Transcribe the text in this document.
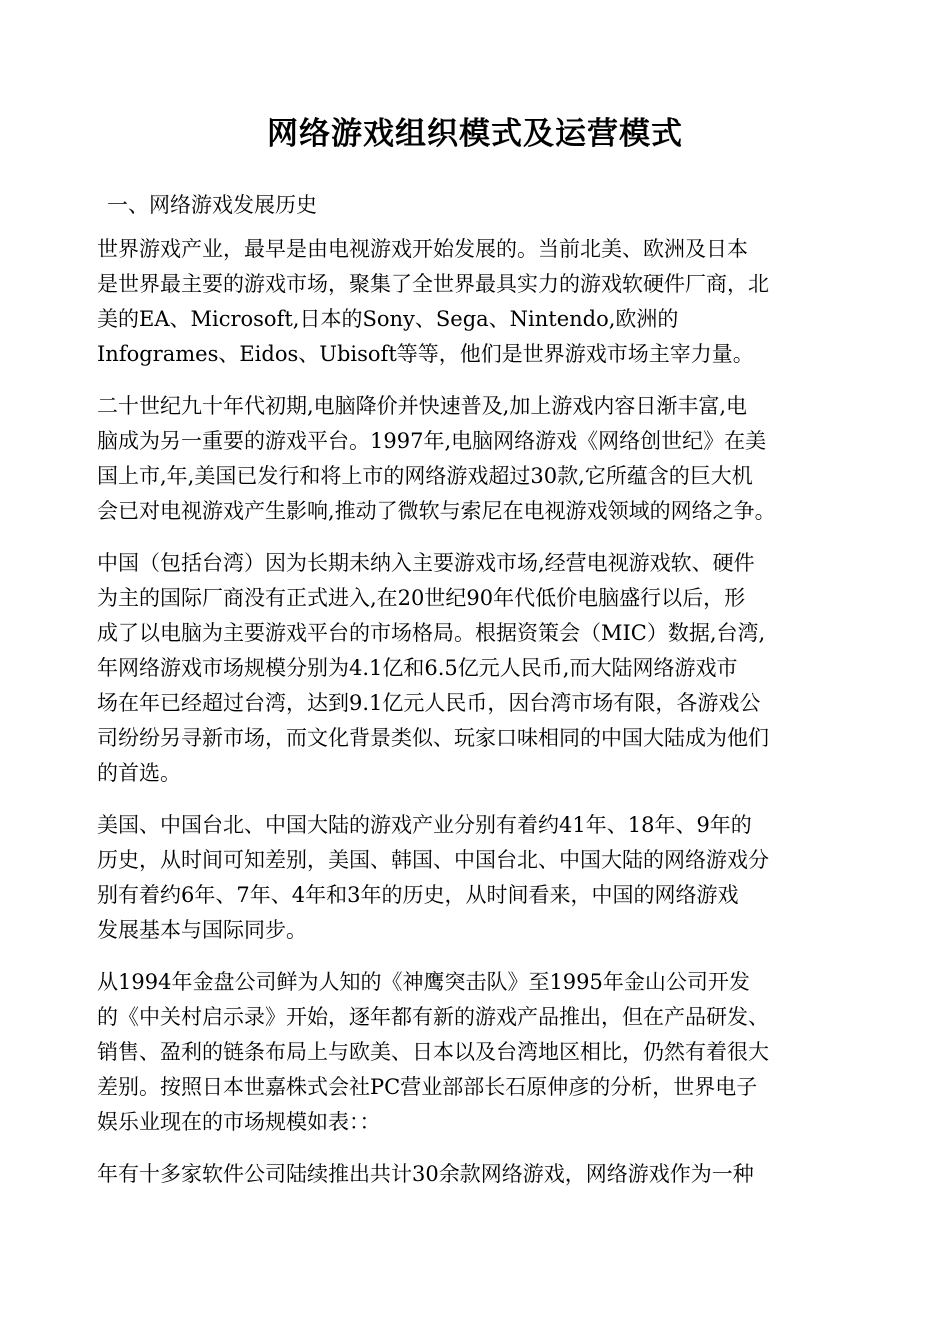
网络游戏组织模式及运营模式
一、网络游戏发展历史
世界游戏产业，最早是由电视游戏开始发展的。当前北美、欧洲及日本
是世界最主要的游戏市场，聚集了全世界最具实力的游戏软硬件厂商，北
美的EA、Microsoft,日本的Sony、Sega、Nintendo,欧洲的
Infogrames、Eidos、Ubisoft等等，他们是世界游戏市场主宰力量。
二十世纪九十年代初期,电脑降价并快速普及,加上游戏内容日渐丰富,电
脑成为另一重要的游戏平台。1997年,电脑网络游戏《网络创世纪》在美
国上市,年,美国已发行和将上市的网络游戏超过30款,它所蕴含的巨大机
会已对电视游戏产生影响,推动了微软与索尼在电视游戏领域的网络之争。
中国（包括台湾）因为长期未纳入主要游戏市场,经营电视游戏软、硬件
为主的国际厂商没有正式进入,在20世纪90年代低价电脑盛行以后，形
成了以电脑为主要游戏平台的市场格局。根据资策会（MIC）数据,台湾,
年网络游戏市场规模分别为4.1亿和6.5亿元人民币,而大陆网络游戏市
场在年已经超过台湾，达到9.1亿元人民币，因台湾市场有限，各游戏公
司纷纷另寻新市场，而文化背景类似、玩家口味相同的中国大陆成为他们
的首选。
美国、中国台北、中国大陆的游戏产业分别有着约41年、18年、9年的
历史，从时间可知差别，美国、韩国、中国台北、中国大陆的网络游戏分
别有着约6年、7年、4年和3年的历史，从时间看来，中国的网络游戏
发展基本与国际同步。
从1994年金盘公司鲜为人知的《神鹰突击队》至1995年金山公司开发
的《中关村启示录》开始，逐年都有新的游戏产品推出，但在产品研发、
销售、盈利的链条布局上与欧美、日本以及台湾地区相比，仍然有着很大
差别。按照日本世嘉株式会社PC营业部部长石原伸彦的分析，世界电子
娱乐业现在的市场规模如表：：
年有十多家软件公司陆续推出共计30余款网络游戏，网络游戏作为一种
